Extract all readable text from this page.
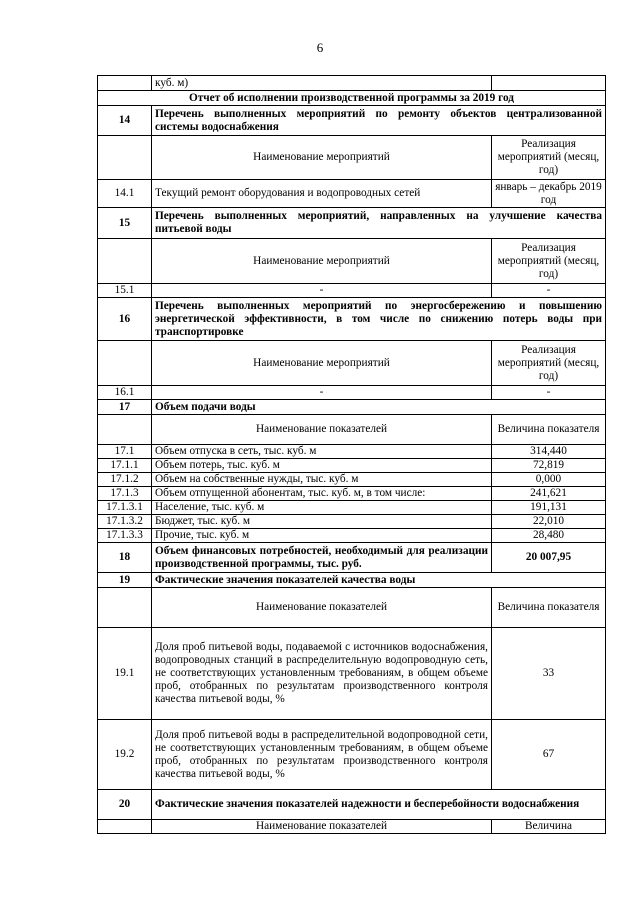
6
	куб. м)	
Отчет об исполнении производственной программы за 2019 год		
14	Перечень выполненных мероприятий по ремонту объектов централизованной системы водоснабжения	
	Наименование мероприятий	Реализация мероприятий (месяц, год)
14.1	Текущий ремонт оборудования и водопроводных сетей	январь – декабрь 2019 год
15	Перечень выполненных мероприятий, направленных на улучшение качества питьевой воды	
	Наименование мероприятий	Реализация мероприятий (месяц, год)
15.1	-	-
16	Перечень выполненных мероприятий по энергосбережению и повышению энергетической эффективности, в том числе по снижению потерь воды при транспортировке	
	Наименование мероприятий	Реализация мероприятий (месяц, год)
16.1	-	-
17	Объем подачи воды	
	Наименование показателей	Величина показателя
17.1	Объем отпуска в сеть, тыс. куб. м	314,440
17.1.1	Объем потерь, тыс. куб. м	72,819
17.1.2	Объем на собственные нужды, тыс. куб. м	0,000
17.1.3	Объем отпущенной абонентам, тыс. куб. м, в том числе:	241,621
17.1.3.1	Население, тыс. куб. м	191,131
17.1.3.2	Бюджет, тыс. куб. м	22,010
17.1.3.3	Прочие, тыс. куб. м	28,480
18	Объем финансовых потребностей, необходимый для реализации производственной программы, тыс. руб.	20 007,95
19	Фактические значения показателей качества воды	
	Наименование показателей	Величина показателя
19.1	Доля проб питьевой воды, подаваемой с источников водоснабжения, водопроводных станций в распределительную водопроводную сеть, не соответствующих установленным требованиям, в общем объеме проб, отобранных по результатам производственного контроля качества питьевой воды, %	33
19.2	Доля проб питьевой воды в распределительной водопроводной сети, не соответствующих установленным требованиям, в общем объеме проб, отобранных по результатам производственного контроля качества питьевой воды, %	67
20	Фактические значения показателей надежности и бесперебойности водоснабжения	
	Наименование показателей	Величина
